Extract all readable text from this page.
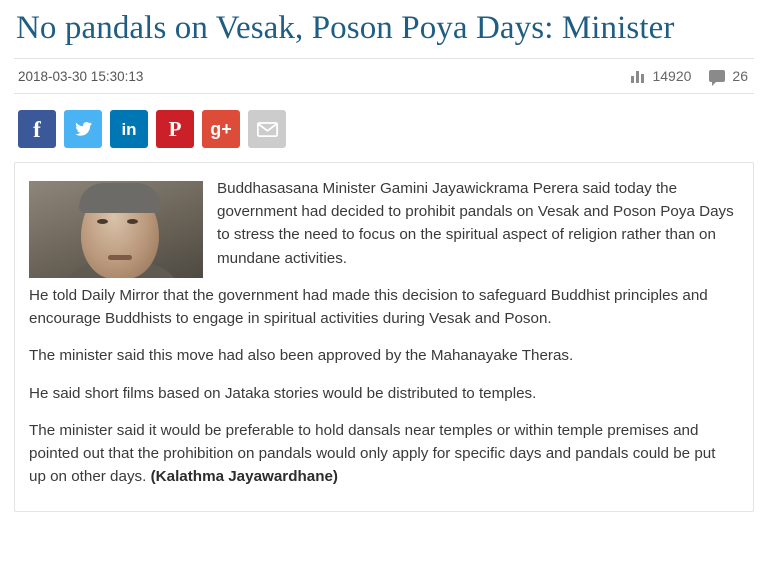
No pandals on Vesak, Poson Poya Days: Minister
2018-03-30 15:30:13	14920	26
f	in P g+

Buddhasasana Minister Gamini Jayawickrama Perera said today the government had decided to prohibit pandals on Vesak and Poson Poya Days to stress the need to focus on the spiritual aspect of religion rather than on mundane activities.

He told Daily Mirror that the government had made this decision to safeguard Buddhist principles and encourage Buddhists to engage in spiritual activities during Vesak and Poson.

The minister said this move had also been approved by the Mahanayake Theras.

He said short films based on Jataka stories would be distributed to temples.

The minister said it would be preferable to hold dansals near temples or within temple premises and pointed out that the prohibition on pandals would only apply for specific days and pandals could be put up on other days. (Kalathma Jayawardhane)
